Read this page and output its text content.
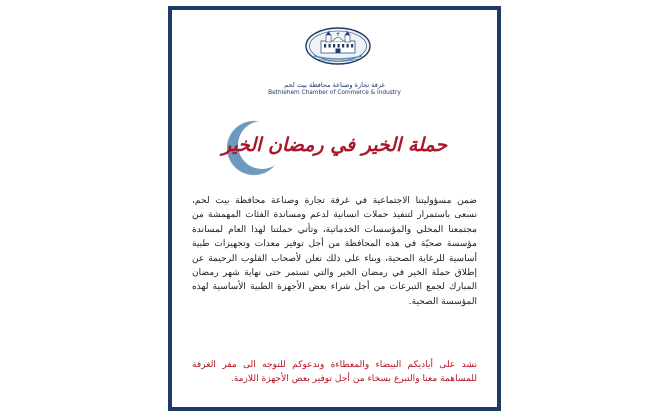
غرفة تجارة وصناعة محافظة بيت لحم
Bethlehem Chamber of Commerce & Industry
حملة الخير في رمضان الخير
ضمن مسؤوليتنا الاجتماعية في غرفة تجارة وصناعة محافظة بيت لحم، نسعى باستمرار لتنفيذ حملات انسانية لدعم ومساندة الفئات المهمشة من مجتمعنا المحلي والمؤسسات الخدماتية، وتأتي حملتنا لهذا العام لمساندة مؤسسة صحيّة في هذه المحافظة من أجل توفير معدات وتجهيزات طبية أساسية للرعاية الصحية، وبناء على ذلك نعلن لأصحاب القلوب الرحيمة عن إطلاق حملة الخير في رمضان الخير والتي تستمر حتى نهاية شهر رمضان المبارك لجمع التبرعات من أجل شراء بعض الأجهزة الطبية الأساسية لهذه المؤسسة الصحية.
نشد على أياديكم البيضاء والمعطاءة وندعوكم للتوجه الى مقر الغرفة للمساهمة معنا والتبرع بسخاء من أجل توفير بعض الأجهزة اللازمة.
